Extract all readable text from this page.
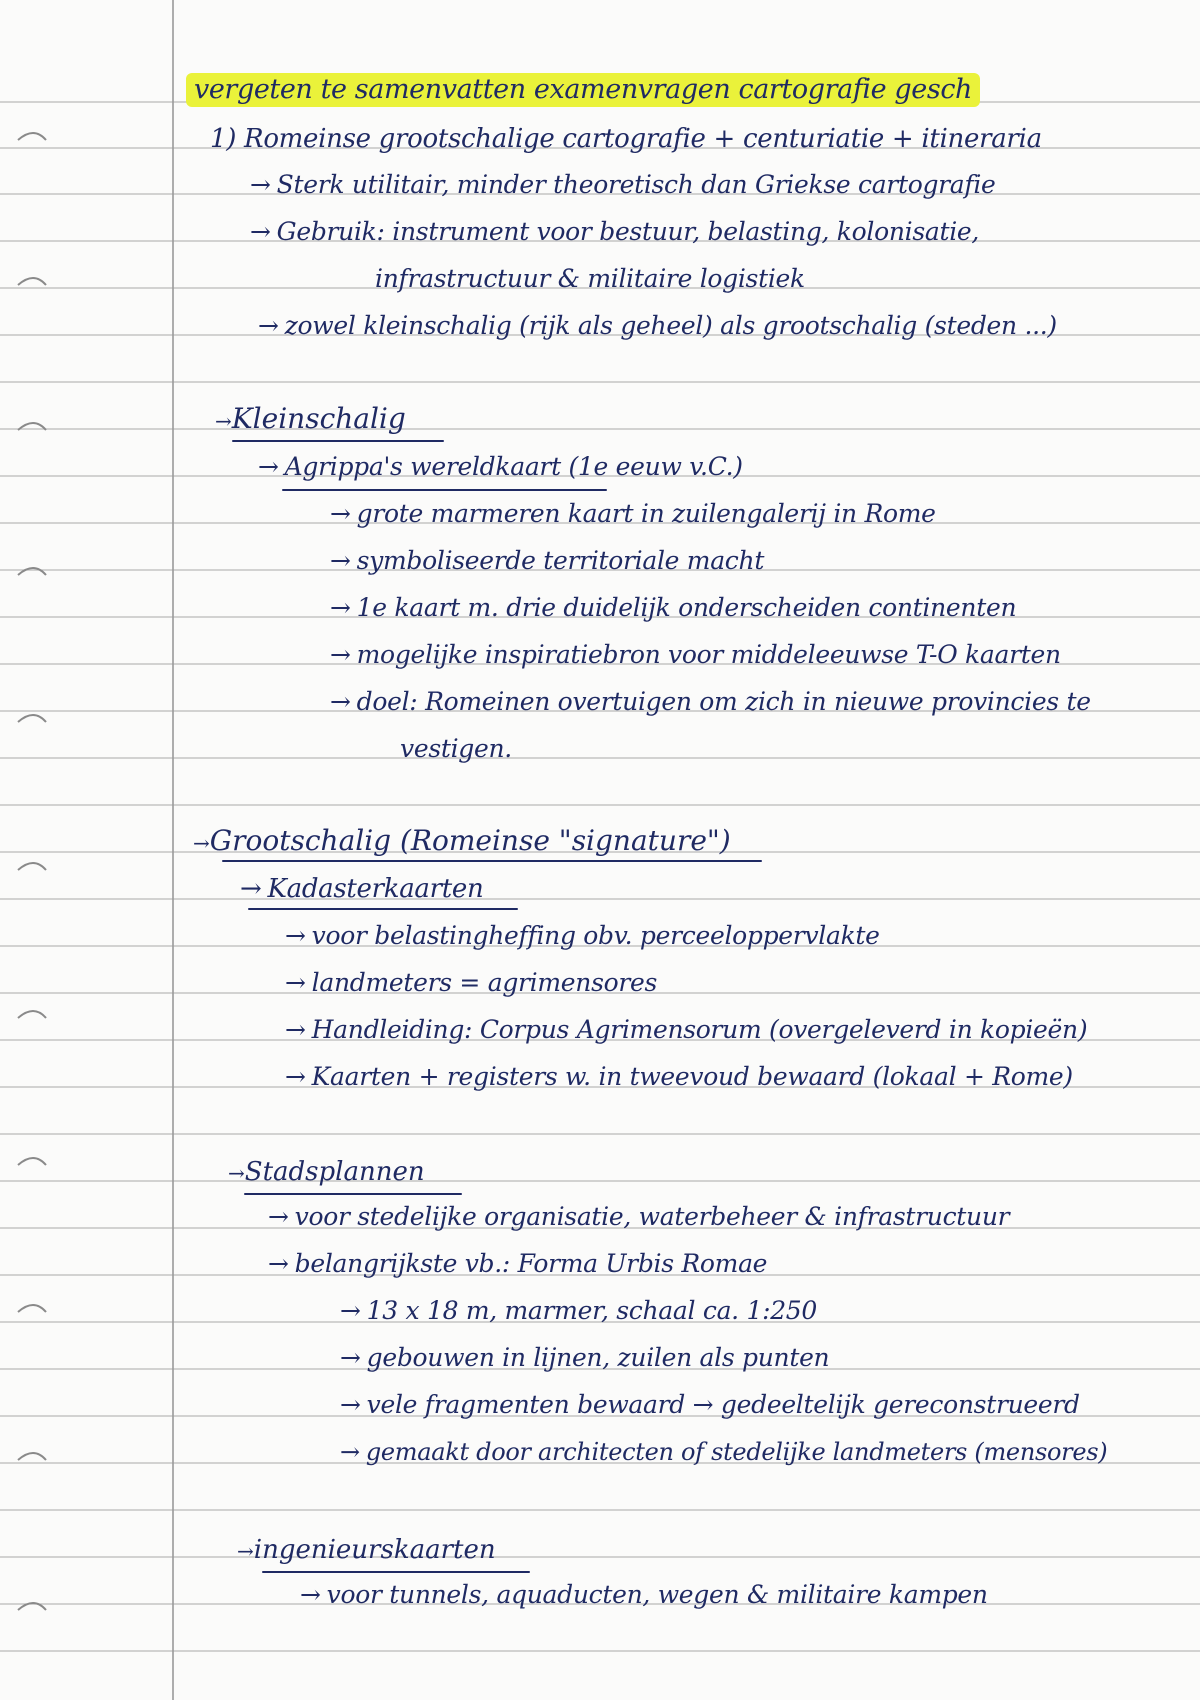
vergeten te samenvatten examenvragen cartografie gesch
1) Romeinse grootschalige cartografie + centuriatie + itineraria
→ Sterk utilitair, minder theoretisch dan Griekse cartografie
→ Gebruik: instrument voor bestuur, belasting, kolonisatie,
infrastructuur & militaire logistiek
→ zowel kleinschalig (rijk als geheel) als grootschalig (steden ...)
→Kleinschalig
→ Agrippa's wereldkaart (1e eeuw v.C.)
→ grote marmeren kaart in zuilengalerij in Rome
→ symboliseerde territoriale macht
→ 1e kaart m. drie duidelijk onderscheiden continenten
→ mogelijke inspiratiebron voor middeleeuwse T-O kaarten
→ doel: Romeinen overtuigen om zich in nieuwe provincies te
vestigen.
→Grootschalig (Romeinse "signature")
→ Kadasterkaarten
→ voor belastingheffing obv. perceeloppervlakte
→ landmeters = agrimensores
→ Handleiding: Corpus Agrimensorum (overgeleverd in kopieën)
→ Kaarten + registers w. in tweevoud bewaard (lokaal + Rome)
→Stadsplannen
→ voor stedelijke organisatie, waterbeheer & infrastructuur
→ belangrijkste vb.: Forma Urbis Romae
→ 13 x 18 m, marmer, schaal ca. 1:250
→ gebouwen in lijnen, zuilen als punten
→ vele fragmenten bewaard → gedeeltelijk gereconstrueerd
→ gemaakt door architecten of stedelijke landmeters (mensores)
→ingenieurskaarten
→ voor tunnels, aquaducten, wegen & militaire kampen
